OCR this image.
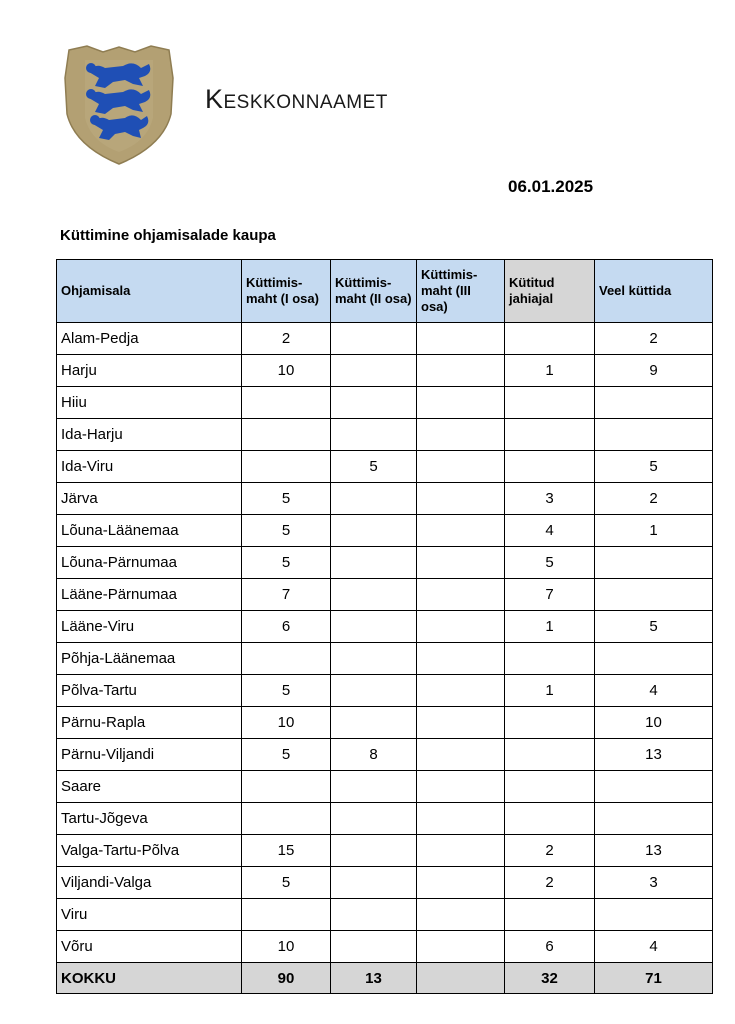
Keskkonnaamet
06.01.2025
Küttimine ohjamisalade kaupa
Ohjamisala	Küttimis-maht (I osa)	Küttimis-maht (II osa)	Küttimis-maht (III osa)	Kütitud jahiajal	Veel küttida
Alam-Pedja	2				2
Harju	10			1	9
Hiiu					
Ida-Harju					
Ida-Viru		5			5
Järva	5			3	2
Lõuna-Läänemaa	5			4	1
Lõuna-Pärnumaa	5			5	
Lääne-Pärnumaa	7			7	
Lääne-Viru	6			1	5
Põhja-Läänemaa					
Põlva-Tartu	5			1	4
Pärnu-Rapla	10				10
Pärnu-Viljandi	5	8			13
Saare					
Tartu-Jõgeva					
Valga-Tartu-Põlva	15			2	13
Viljandi-Valga	5			2	3
Viru					
Võru	10			6	4
KOKKU	90	13		32	71
